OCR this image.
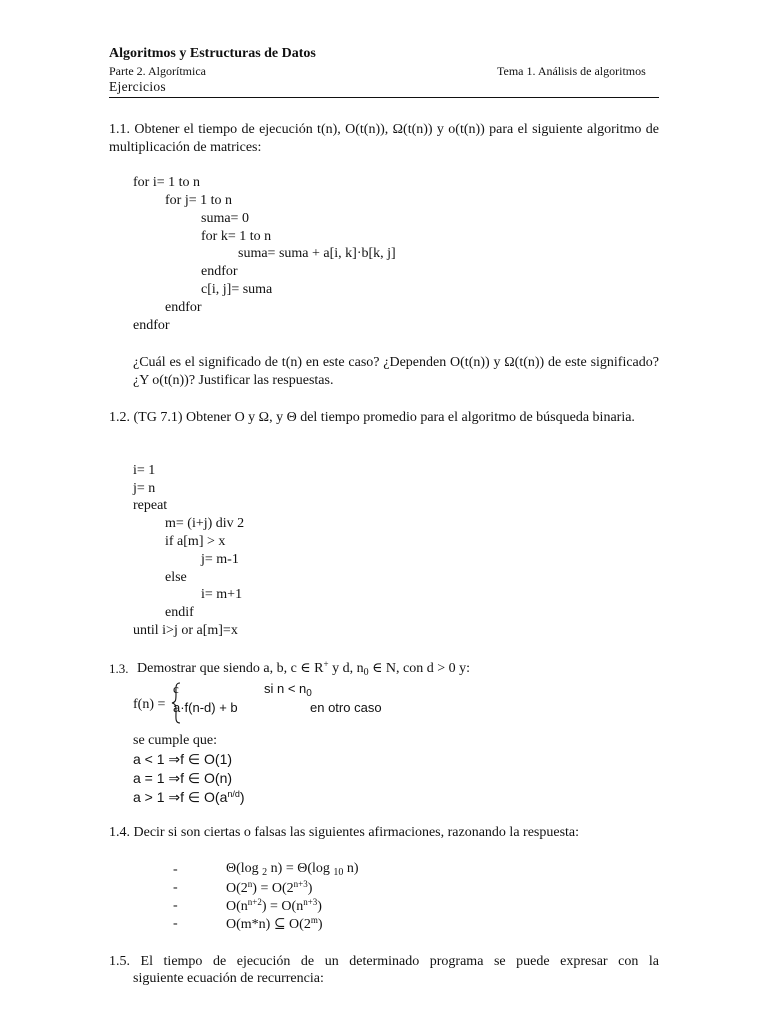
Algoritmos y Estructuras de Datos
Parte 2. Algorítmica	Tema 1. Análisis de algoritmos
Ejercicios
1.1. Obtener el tiempo de ejecución t(n), O(t(n)), Ω(t(n)) y o(t(n)) para el siguiente algoritmo de multiplicación de matrices:
for i= 1 to n
for j= 1 to n
suma= 0
for k= 1 to n
suma= suma + a[i, k]·b[k, j]
endfor
c[i, j]= suma
endfor
endfor
¿Cuál es el significado de t(n) en este caso? ¿Dependen O(t(n)) y Ω(t(n)) de este significado? ¿Y o(t(n))? Justificar las respuestas.
1.2. (TG 7.1) Obtener O y Ω, y Θ del tiempo promedio para el algoritmo de búsqueda binaria.
i= 1
j= n
repeat
m= (i+j) div 2
if a[m] > x
j= m-1
else
i= m+1
endif
until i>j or a[m]=x
1.3. Demostrar que siendo a, b, c ∈ R+ y d, $n_0$ ∈ N, con d > 0 y:
f(n) =
c	si $n < n_0$
a·f(n-d) + b	en otro caso
se cumple que:
a < 1 ⇒f ∈ O(1)
a = 1 ⇒f ∈ O(n)
a > 1 ⇒f ∈ $O(a^{n/d})$
1.4. Decir si son ciertas o falsas las siguientes afirmaciones, razonando la respuesta:
-	Θ(log $_2$ n) = Θ(log $_{10}$ n)
-	$O(2^n) = O(2^{n+3})$
-	$O(n^{n+2}) = O(n^{n+3})$
-	O(m*n) ⊆ O(2$^m$)
1.5. El tiempo de ejecución de un determinado programa se puede expresar con la
siguiente ecuación de recurrencia:
